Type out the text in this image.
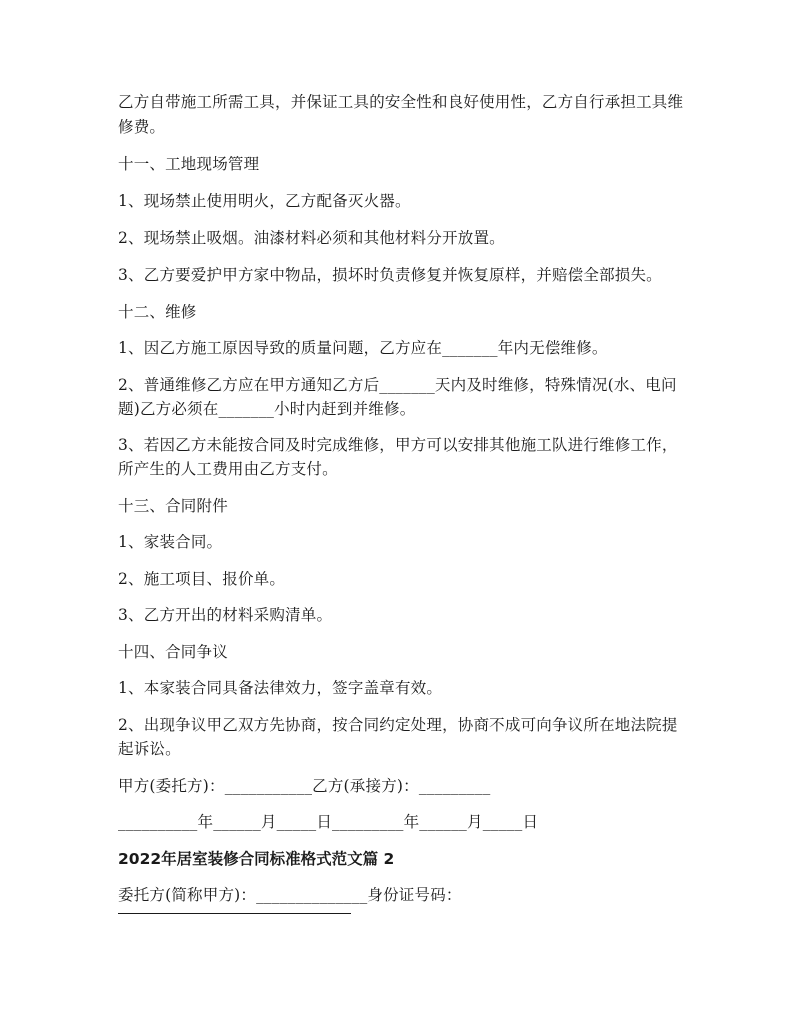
乙方自带施工所需工具，并保证工具的安全性和良好使用性，乙方自行承担工具维
修费。
十一、工地现场管理
1、现场禁止使用明火，乙方配备灭火器。
2、现场禁止吸烟。油漆材料必须和其他材料分开放置。
3、乙方要爱护甲方家中物品，损坏时负责修复并恢复原样，并赔偿全部损失。
十二、维修
1、因乙方施工原因导致的质量问题，乙方应在_______年内无偿维修。
2、普通维修乙方应在甲方通知乙方后_______天内及时维修，特殊情况(水、电问
题)乙方必须在_______小时内赶到并维修。
3、若因乙方未能按合同及时完成维修，甲方可以安排其他施工队进行维修工作，
所产生的人工费用由乙方支付。
十三、合同附件
1、家装合同。
2、施工项目、报价单。
3、乙方开出的材料采购清单。
十四、合同争议
1、本家装合同具备法律效力，签字盖章有效。
2、出现争议甲乙双方先协商，按合同约定处理，协商不成可向争议所在地法院提
起诉讼。
甲方(委托方)：___________乙方(承接方)：_________
__________年______月_____日_________年______月_____日
2022年居室装修合同标准格式范文篇 2
委托方(简称甲方)：______________身份证号码：
